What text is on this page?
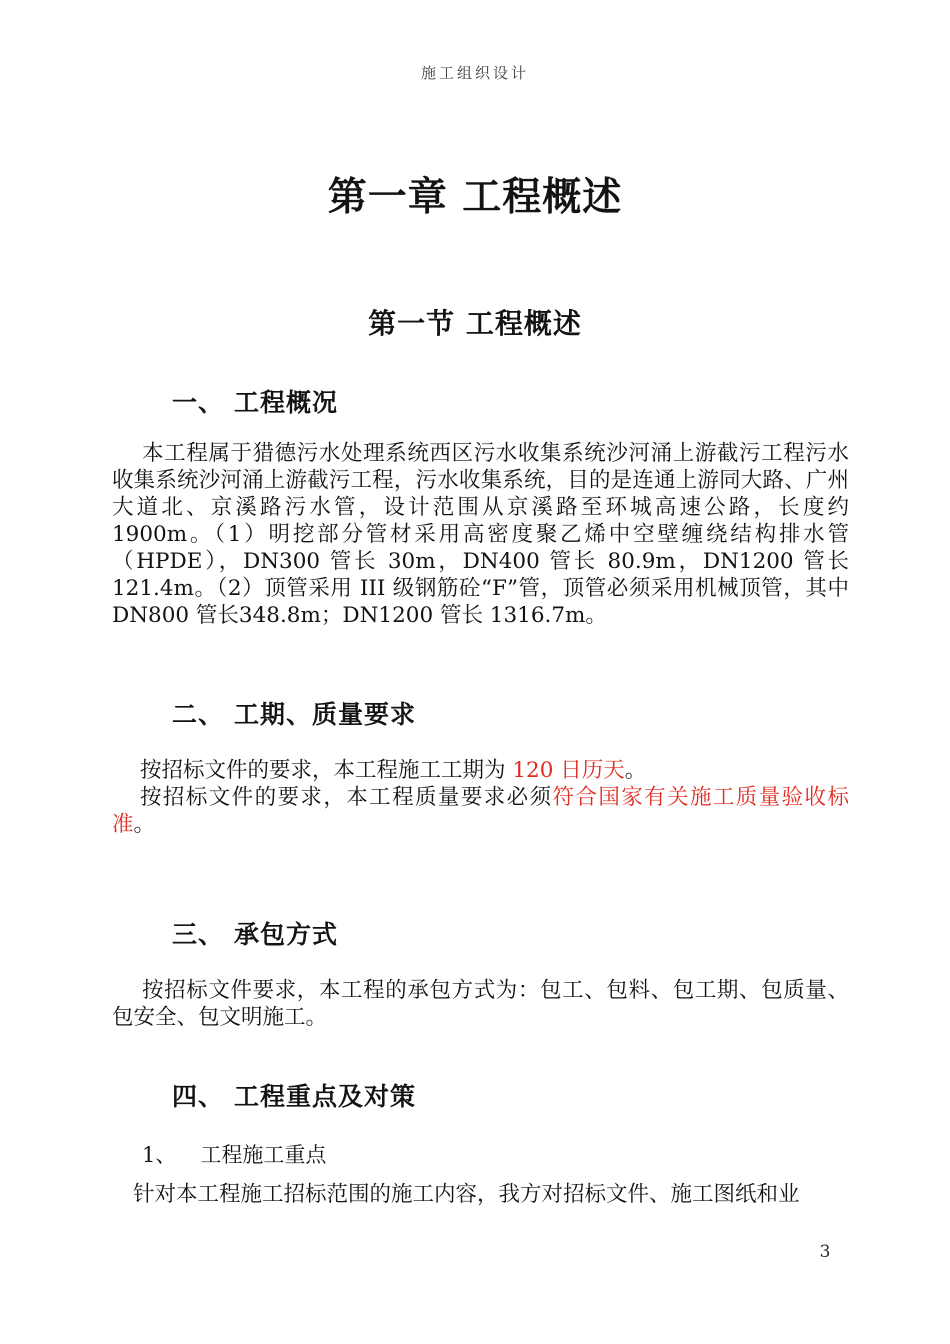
施工组织设计
第一章 工程概述
第一节 工程概述
一、 工程概况

本工程属于猎德污水处理系统西区污水收集系统沙河涌上游截污工程污水收集系统沙河涌上游截污工程，污水收集系统，目的是连通上游同大路、广州大道北、京溪路污水管，设计范围从京溪路至环城高速公路，长度约1900m。（1）明挖部分管材采用高密度聚乙烯中空壁缠绕结构排水管（HPDE），DN300 管长 30m，DN400 管长 80.9m，DN1200 管长 121.4m。（2）顶管采用 III 级钢筋砼“F”管，顶管必须采用机械顶管，其中 DN800 管长348.8m；DN1200 管长 1316.7m。

二、 工期、质量要求

按招标文件的要求，本工程施工工期为 120 日历天。

按招标文件的要求，本工程质量要求必须符合国家有关施工质量验收标准。

三、 承包方式

按招标文件要求，本工程的承包方式为：包工、包料、包工期、包质量、包安全、包文明施工。

四、 工程重点及对策

1、 工程施工重点

针对本工程施工招标范围的施工内容，我方对招标文件、施工图纸和业

3
